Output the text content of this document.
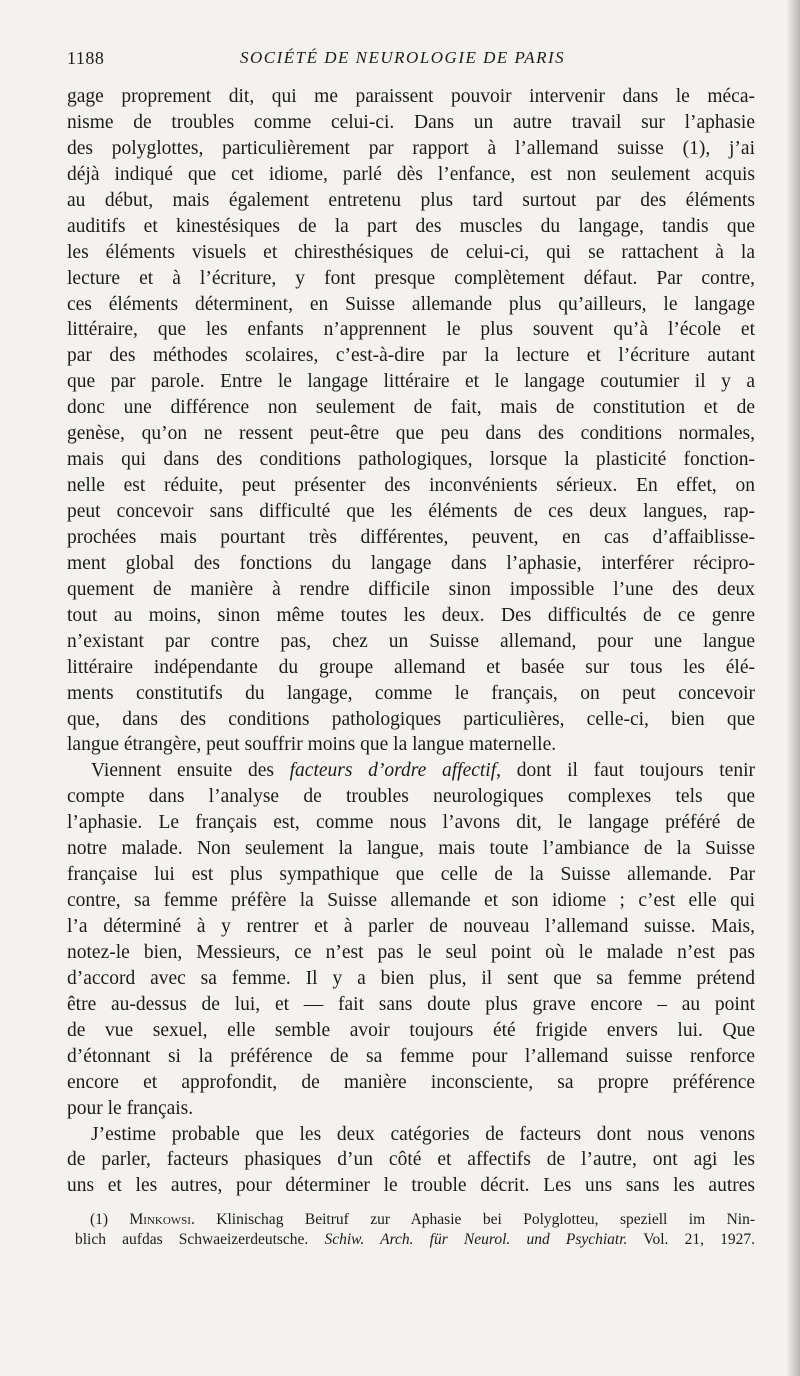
1188	SOCIÉTÉ DE NEUROLOGIE DE PARIS
gage proprement dit, qui me paraissent pouvoir intervenir dans le méca-
nisme de troubles comme celui-ci. Dans un autre travail sur l’aphasie
des polyglottes, particulièrement par rapport à l’allemand suisse (1), j’ai
déjà indiqué que cet idiome, parlé dès l’enfance, est non seulement acquis
au début, mais également entretenu plus tard surtout par des éléments
auditifs et kinestésiques de la part des muscles du langage, tandis que
les éléments visuels et chiresthésiques de celui-ci, qui se rattachent à la
lecture et à l’écriture, y font presque complètement défaut. Par contre,
ces éléments déterminent, en Suisse allemande plus qu’ailleurs, le langage
littéraire, que les enfants n’apprennent le plus souvent qu’à l’école et
par des méthodes scolaires, c’est-à-dire par la lecture et l’écriture autant
que par parole. Entre le langage littéraire et le langage coutumier il y a
donc une différence non seulement de fait, mais de constitution et de
genèse, qu’on ne ressent peut-être que peu dans des conditions normales,
mais qui dans des conditions pathologiques, lorsque la plasticité fonction-
nelle est réduite, peut présenter des inconvénients sérieux. En effet, on
peut concevoir sans difficulté que les éléments de ces deux langues, rap-
prochées mais pourtant très différentes, peuvent, en cas d’affaiblisse-
ment global des fonctions du langage dans l’aphasie, interférer récipro-
quement de manière à rendre difficile sinon impossible l’une des deux
tout au moins, sinon même toutes les deux. Des difficultés de ce genre
n’existant par contre pas, chez un Suisse allemand, pour une langue
littéraire indépendante du groupe allemand et basée sur tous les élé-
ments constitutifs du langage, comme le français, on peut concevoir
que, dans des conditions pathologiques particulières, celle-ci, bien que
langue étrangère, peut souffrir moins que la langue maternelle.
Viennent ensuite des facteurs d’ordre affectif, dont il faut toujours tenir
compte dans l’analyse de troubles neurologiques complexes tels que
l’aphasie. Le français est, comme nous l’avons dit, le langage préféré de
notre malade. Non seulement la langue, mais toute l’ambiance de la Suisse
française lui est plus sympathique que celle de la Suisse allemande. Par
contre, sa femme préfère la Suisse allemande et son idiome ; c’est elle qui
l’a déterminé à y rentrer et à parler de nouveau l’allemand suisse. Mais,
notez-le bien, Messieurs, ce n’est pas le seul point où le malade n’est pas
d’accord avec sa femme. Il y a bien plus, il sent que sa femme prétend
être au-dessus de lui, et — fait sans doute plus grave encore – au point
de vue sexuel, elle semble avoir toujours été frigide envers lui. Que
d’étonnant si la préférence de sa femme pour l’allemand suisse renforce
encore et approfondit, de manière inconsciente, sa propre préférence
pour le français.
J’estime probable que les deux catégories de facteurs dont nous venons
de parler, facteurs phasiques d’un côté et affectifs de l’autre, ont agi les
uns et les autres, pour déterminer le trouble décrit. Les uns sans les autres
(1) Minkowsi. Klinischag Beitruf zur Aphasie bei Polyglotteu, speziell im Nin-
blich aufdas Schwaeizerdeutsche. Schiw. Arch. für Neurol. und Psychiatr. Vol. 21, 1927.
